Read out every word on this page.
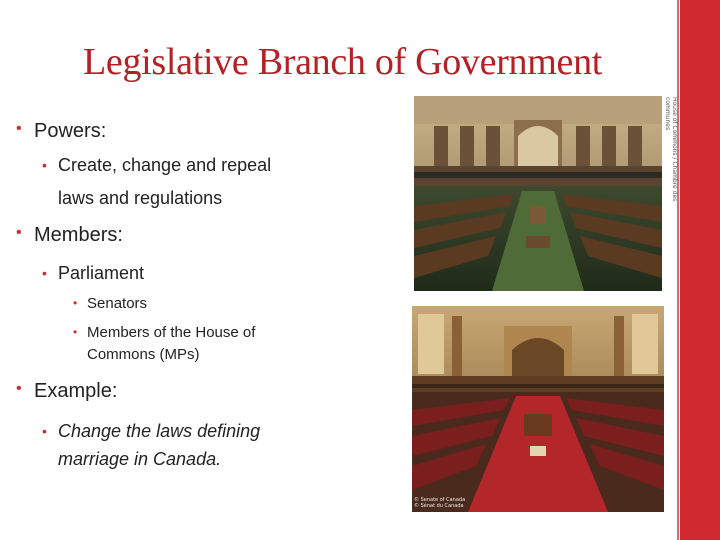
Legislative Branch of Government
• Powers:
• Create, change and repeal
laws and regulations
• Members:
• Parliament
• Senators
• Members of the House of
Commons (MPs)
• Example:
• Change the laws defining
marriage in Canada.
House of Commons / Chambre des communes
© Senate of Canada
© Sénat du Canada
